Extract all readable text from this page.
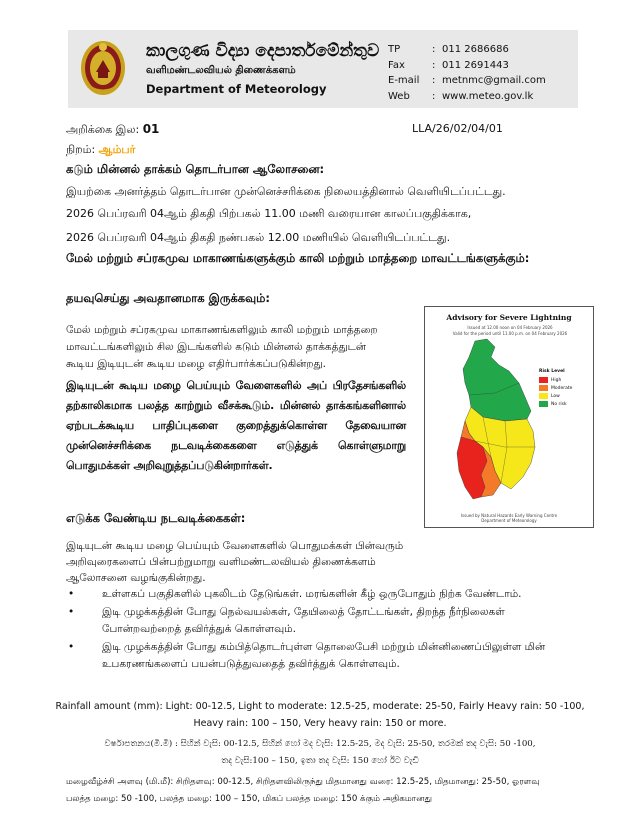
කාලගුණ විද්‍යා දෙපාර්තමේන්තුව
வளிமண்டலவியல் திணைக்களம்
Department of Meteorology
TP	: 011 2686686
Fax	: 011 2691443
E-mail	: metnmc@gmail.com
Web	: www.meteo.gov.lk
அறிக்கை இல: 01	LLA/26/02/04/01
நிறம்: ஆம்பர்
கடும் மின்னல் தாக்கம் தொடர்பான ஆலோசனை:
இயற்கை அனர்த்தம் தொடர்பான முன்னெச்சரிக்கை நிலையத்தினால் வெளியிடப்பட்டது.
2026 பெப்ரவரி 04ஆம் திகதி பிற்பகல் 11.00 மணி வரையான காலப்பகுதிக்காக,
2026 பெப்ரவரி 04ஆம் திகதி நண்பகல் 12.00 மணியில் வெளியிடப்பட்டது.
மேல் மற்றும் சப்ரகமுவ மாகாணங்களுக்கும் காலி மற்றும் மாத்தறை மாவட்டங்களுக்கும்:
தயவுசெய்து அவதானமாக இருக்கவும்:
மேல் மற்றும் சப்ரகமுவ மாகாணங்களிலும் காலி மற்றும் மாத்தறை மாவட்டங்களிலும் சில இடங்களில் கடும் மின்னல் தாக்கத்துடன் கூடிய இடியுடன் கூடிய மழை எதிர்பார்க்கப்படுகின்றது.
இடியுடன் கூடிய மழை பெய்யும் வேளைகளில் அப் பிரதேசங்களில் தற்காலிகமாக பலத்த காற்றும் வீசக்கூடும். மின்னல் தாக்கங்களினால் ஏற்படக்கூடிய பாதிப்புகளை குறைத்துக்கொள்ள தேவையான முன்னெச்சரிக்கை நடவடிக்கைகளை எடுத்துக் கொள்ளுமாறு பொதுமக்கள் அறிவுறுத்தப்படுகின்றார்கள்.
எடுக்க வேண்டிய நடவடிக்கைகள்:
இடியுடன் கூடிய மழை பெய்யும் வேளைகளில் பொதுமக்கள் பின்வரும் அறிவுரைகளைப் பின்பற்றுமாறு வளிமண்டலவியல் திணைக்களம் ஆலோசனை வழங்குகின்றது.
•	உள்ளகப் பகுதிகளில் புகலிடம் தேடுங்கள். மரங்களின் கீழ் ஒருபோதும் நிற்க வேண்டாம்.
•	இடி முழக்கத்தின் போது நெல்வயல்கள், தேயிலைத் தோட்டங்கள், திறந்த நீர்நிலைகள் போன்றவற்றைத் தவிர்த்துக் கொள்ளவும்.
•	இடி முழக்கத்தின் போது கம்பித்தொடர்புள்ள தொலைபேசி மற்றும் மின்னிணைப்பிலுள்ள மின் உபகரணங்களைப் பயன்படுத்துவதைத் தவிர்த்துக் கொள்ளவும்.
Advisory for Severe Lightning
Issued at 12.00 noon on 04 February 2026
Valid for the period until 11.00 p.m. on 04 February 2026
Risk Level
High
Moderate
Low
No risk
Issued by Natural Hazards Early Warning Centre
Department of Meteorology
Rainfall amount (mm): Light: 00-12.5, Light to moderate: 12.5-25, moderate: 25-50, Fairly Heavy rain: 50 -100,
Heavy rain: 100 – 150, Very heavy rain: 150 or more.
වර්ෂාපතනය(මි.මී) : සිහින් වැසි: 00-12.5, සිහින් හෝ මද වැසි: 12.5-25, මද වැසි: 25-50, තරමක් තද වැසි: 50 -100,
තද වැසි:100 – 150, ඉතා තද වැසි: 150 හෝ ඊට වැඩි
மழைவீழ்ச்சி அளவு (மி.மீ): சிறிதளவு: 00-12.5, சிறிதளவிலிருந்து மிதமானது வரை: 12.5-25, மிதமானது: 25-50, ஓரளவு
பலத்த மழை: 50 -100, பலத்த மழை: 100 – 150, மிகப் பலத்த மழை: 150 க்கும் அதிகமானது
